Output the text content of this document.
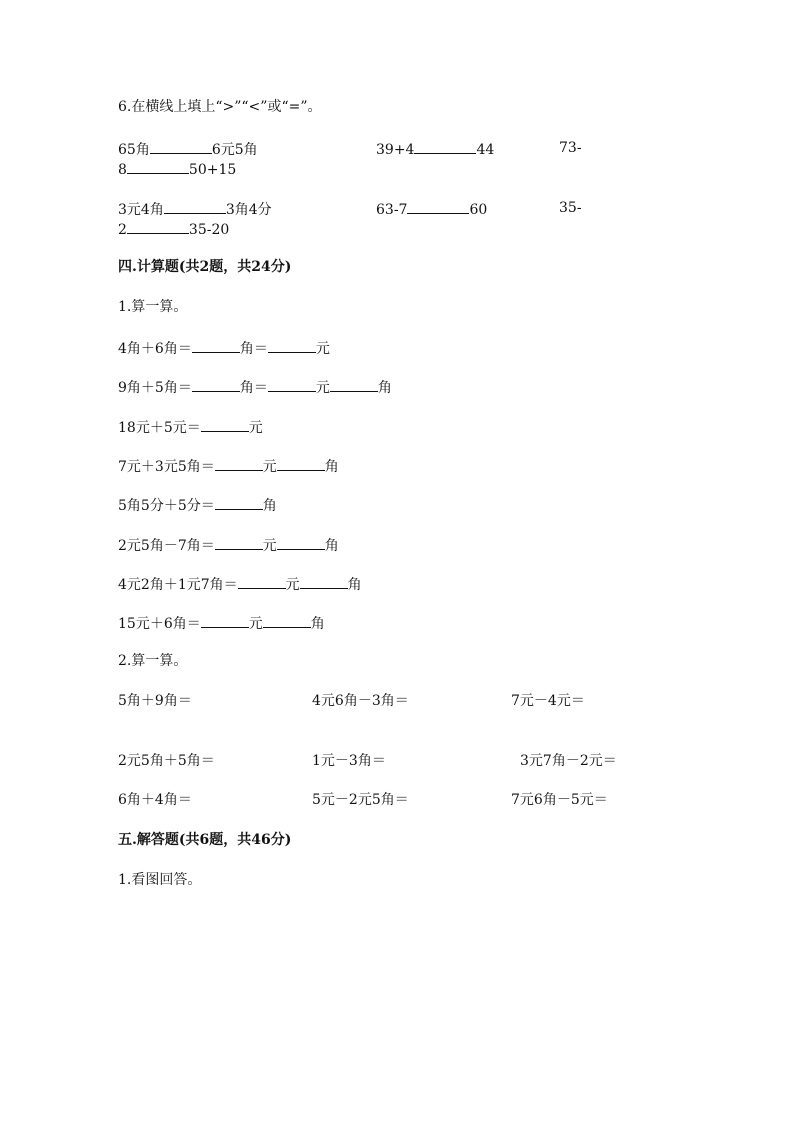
6.在横线上填上“>”“<”或“=”。
65角	6元5角	39+4	44	73-
8	50+15
3元4角	3角4分	63-7	60	35-
2	35-20
四.计算题(共2题，共24分)
1.算一算。
4角＋6角＝	角＝	元
9角＋5角＝	角＝	元	角
18元＋5元＝	元
7元＋3元5角＝	元	角
5角5分＋5分＝	角
2元5角－7角＝	元	角
4元2角＋1元7角＝	元	角
15元＋6角＝	元	角
2.算一算。
5角＋9角＝	4元6角－3角＝	7元－4元＝
2元5角＋5角＝	1元－3角＝	3元7角－2元＝
6角＋4角＝	5元－2元5角＝	7元6角－5元＝
五.解答题(共6题，共46分)
1.看图回答。
